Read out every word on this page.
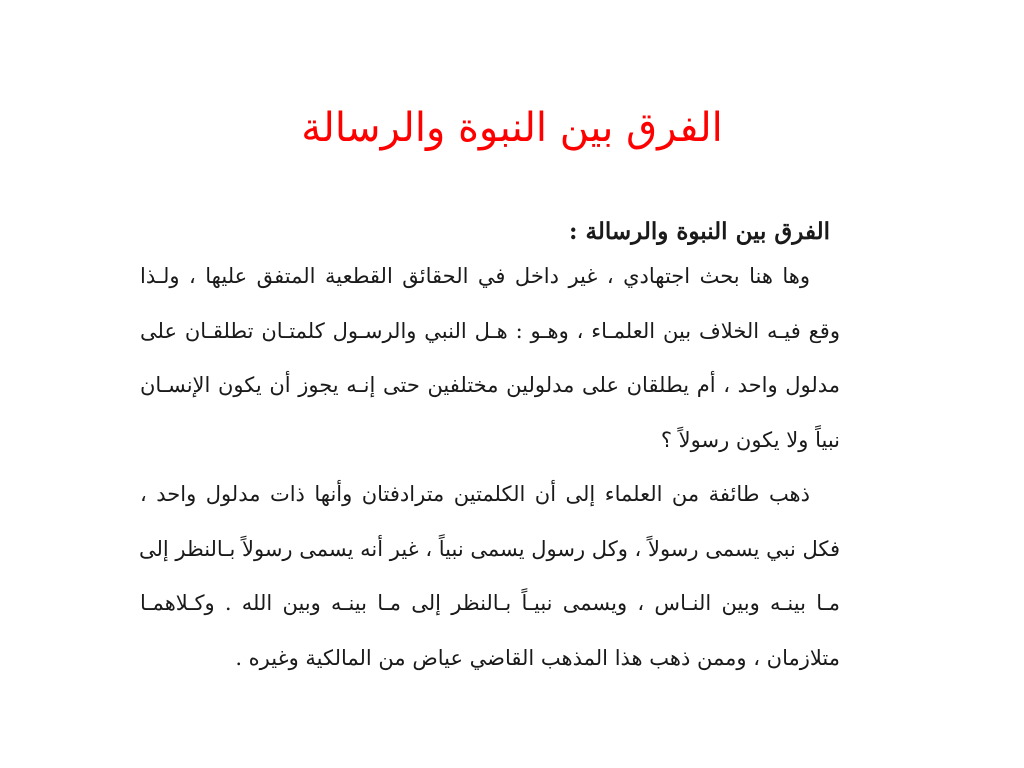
الفرق بين النبوة والرسالة
الفرق بين النبوة والرسالة :
وها هنا بحث اجتهادي ، غير داخل في الحقائق القطعية المتفق عليها ، ولـذا
وقع فيـه الخلاف بين العلمـاء ، وهـو : هـل النبي والرسـول كلمتـان تطلقـان على
مدلول واحد ، أم يطلقان على مدلولين مختلفين حتى إنـه يجوز أن يكون الإنسـان
نبياً ولا يكون رسولاً ؟
ذهب طائفة من العلماء إلى أن الكلمتين مترادفتان وأنها ذات مدلول واحد ،
فكل نبي يسمى رسولاً ، وكل رسول يسمى نبياً ، غير أنه يسمى رسولاً بـالنظر إلى
مـا بينـه وبين النـاس ، ويسمى نبيـاً بـالنظر إلى مـا بينـه وبين الله . وكـلاهمـا
متلازمان ، وممن ذهب هذا المذهب القاضي عياض من المالكية وغيره .
